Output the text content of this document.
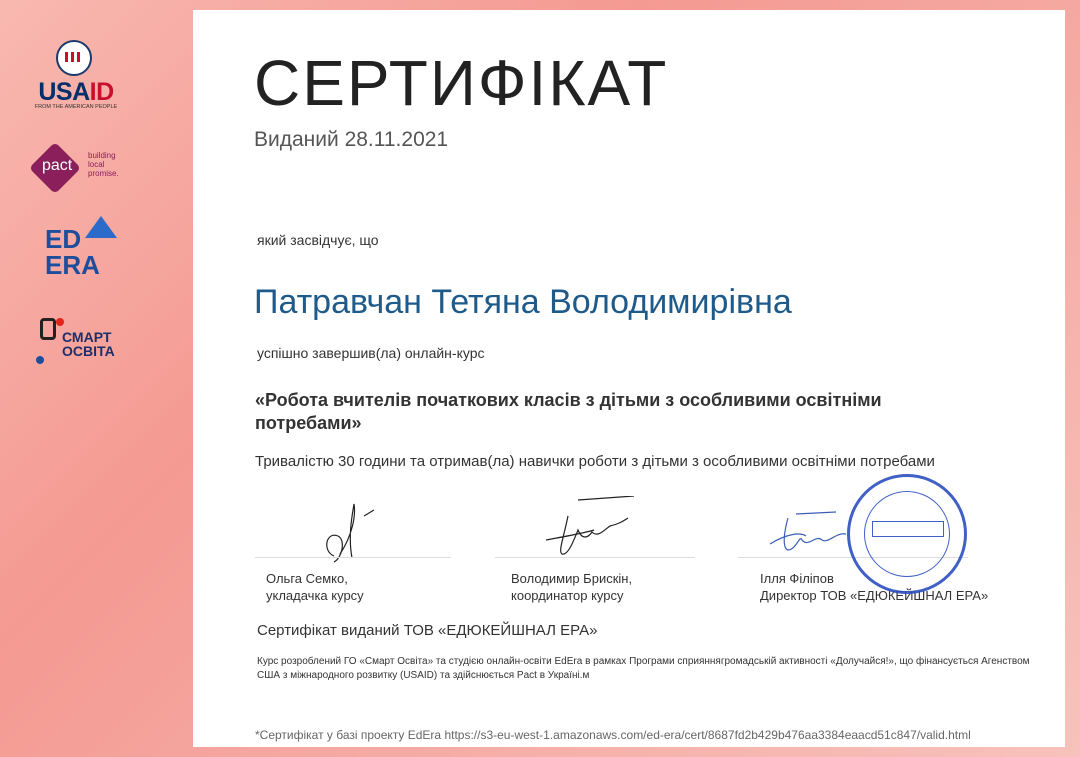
USAID
FROM THE AMERICAN PEOPLE
pact
building
local
promise.
ED
ERA
СМАРТ
ОСВІТА
СЕРТИФІКАТ
Виданий 28.11.2021
який засвідчує, що
Патравчан Тетяна Володимирівна
успішно завершив(ла) онлайн-курс
«Робота вчителів початкових класів з дітьми з особливими освітніми потребами»
Тривалістю 30 години та отримав(ла) навички роботи з дітьми з особливими освітніми потребами
Ольга Семко,
укладачка курсу
Володимир Брискін,
координатор курсу
Ілля Філіпов
Директор ТОВ «ЕДЮКЕЙШНАЛ ЕРА»
Сертифікат виданий ТОВ «ЕДЮКЕЙШНАЛ ЕРА»
Курс розроблений ГО «Смарт Освіта» та студією онлайн-освіти EdEra в рамках Програми сприяннягромадській активності «Долучайся!», що фінансується Агенством США з міжнародного розвитку (USAID) та здійснюється Pact в Україні.м
*Сертифікат у базі проекту EdEra https://s3-eu-west-1.amazonaws.com/ed-era/cert/8687fd2b429b476aa3384eaacd51c847/valid.html
